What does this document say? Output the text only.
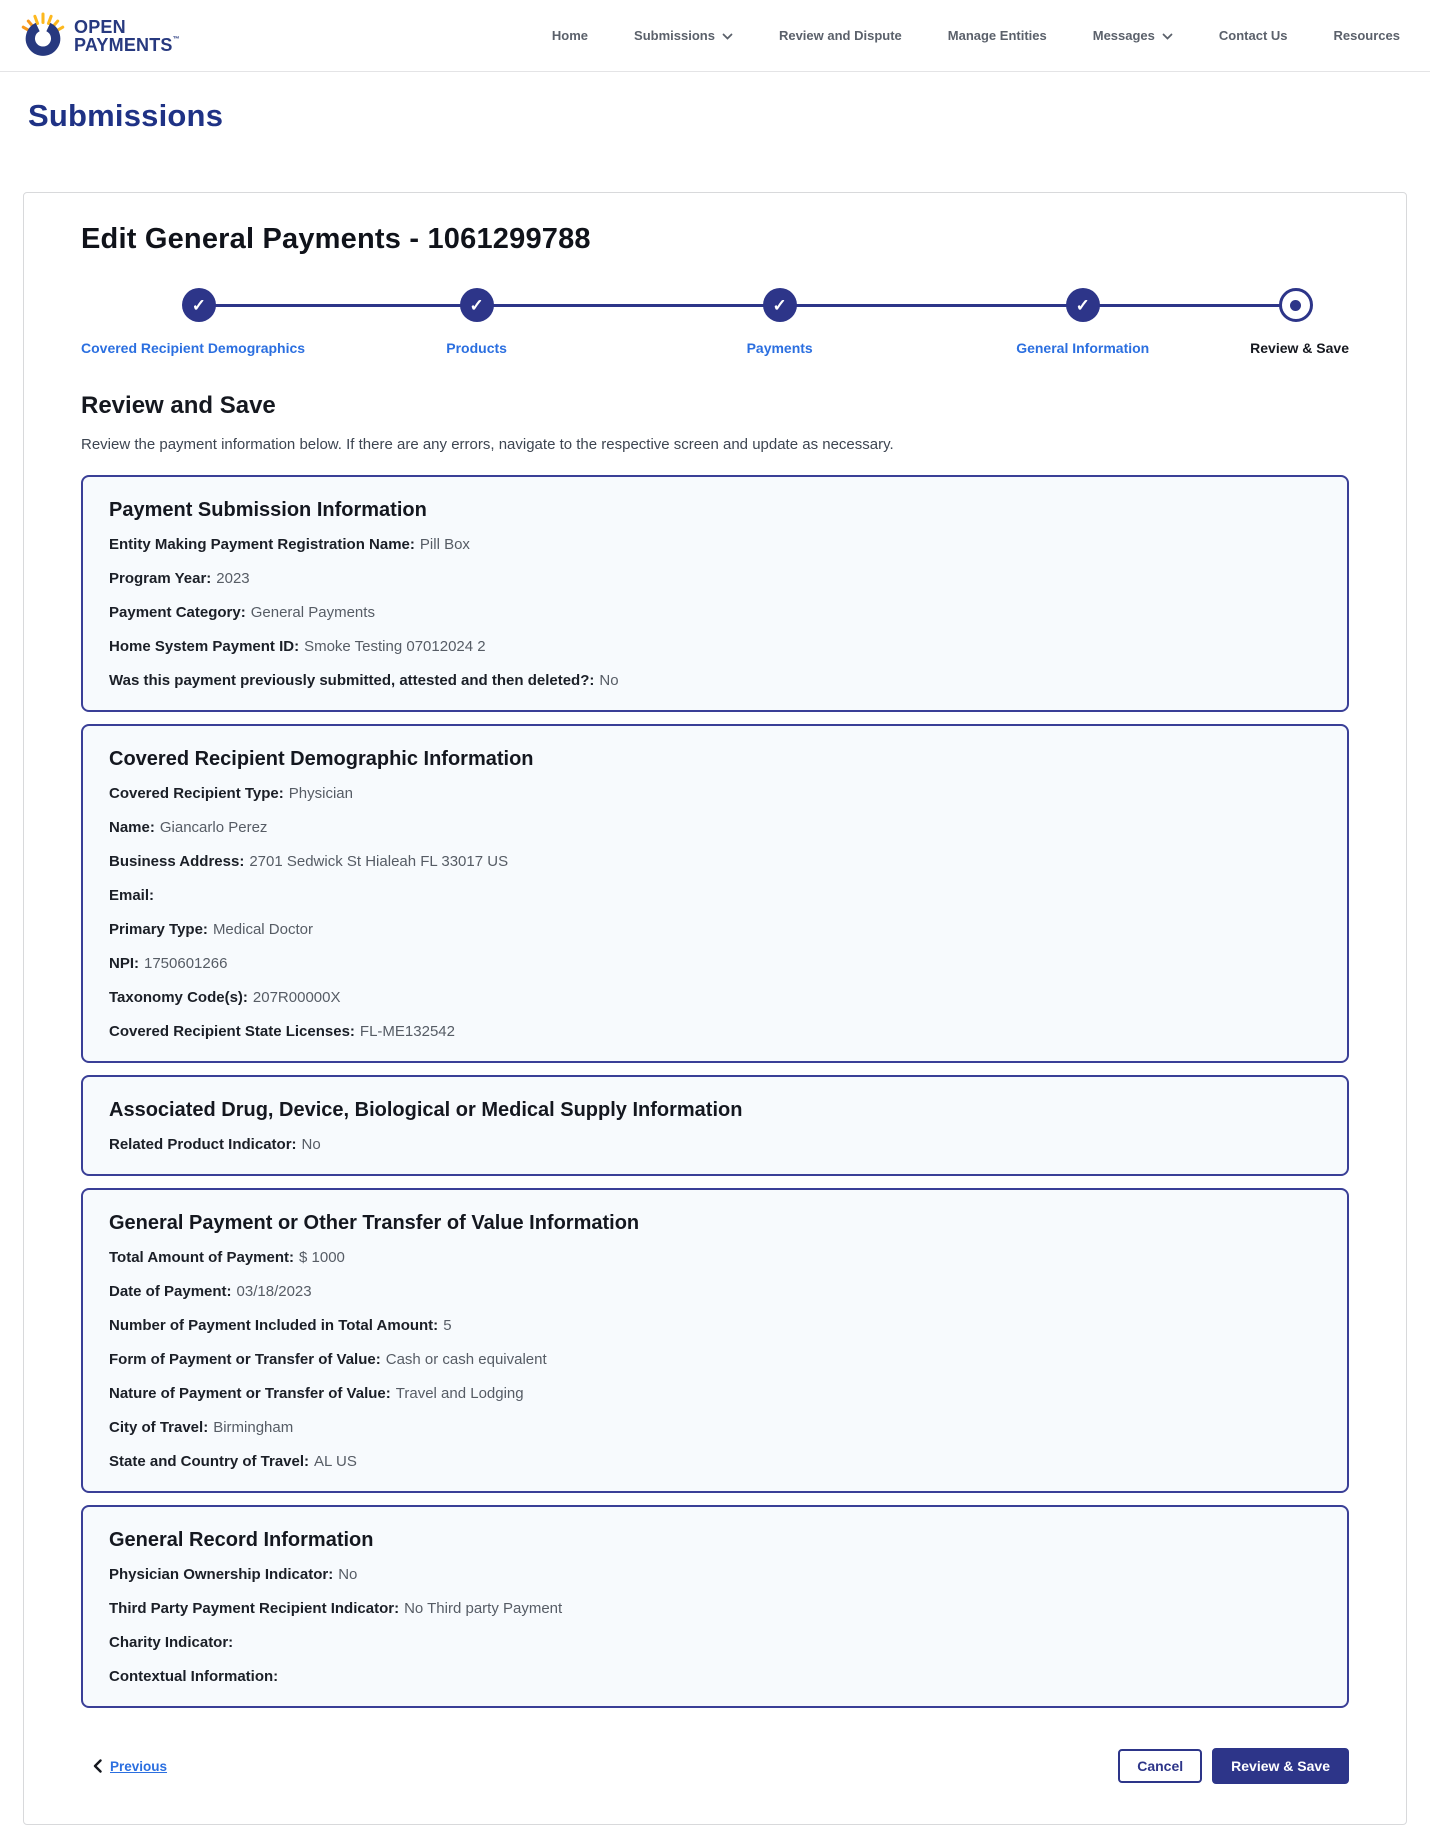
OPEN
PAYMENTS™	Home	Submissions	Review and Dispute	Manage Entities	Messages	Contact Us	Resources
Submissions
Edit General Payments - 1061299788
✓
Covered Recipient Demographics
✓
Products
✓
Payments
✓
General Information	Review & Save
Review and Save

Review the payment information below. If there are any errors, navigate to the respective screen and update as necessary.

Payment Submission Information

Entity Making Payment Registration Name: Pill Box

Program Year: 2023

Payment Category: General Payments

Home System Payment ID: Smoke Testing 07012024 2

Was this payment previously submitted, attested and then deleted?: No

Covered Recipient Demographic Information

Covered Recipient Type: Physician

Name: Giancarlo Perez

Business Address: 2701 Sedwick St Hialeah FL 33017 US

Email:

Primary Type: Medical Doctor

NPI: 1750601266

Taxonomy Code(s): 207R00000X

Covered Recipient State Licenses: FL-ME132542

Associated Drug, Device, Biological or Medical Supply Information

Related Product Indicator: No

General Payment or Other Transfer of Value Information

Total Amount of Payment: $ 1000

Date of Payment: 03/18/2023

Number of Payment Included in Total Amount: 5

Form of Payment or Transfer of Value: Cash or cash equivalent

Nature of Payment or Transfer of Value: Travel and Lodging

City of Travel: Birmingham

State and Country of Travel: AL US

General Record Information

Physician Ownership Indicator: No

Third Party Payment Recipient Indicator: No Third party Payment

Charity Indicator:

Contextual Information:

Previous	Cancel	Review & Save
